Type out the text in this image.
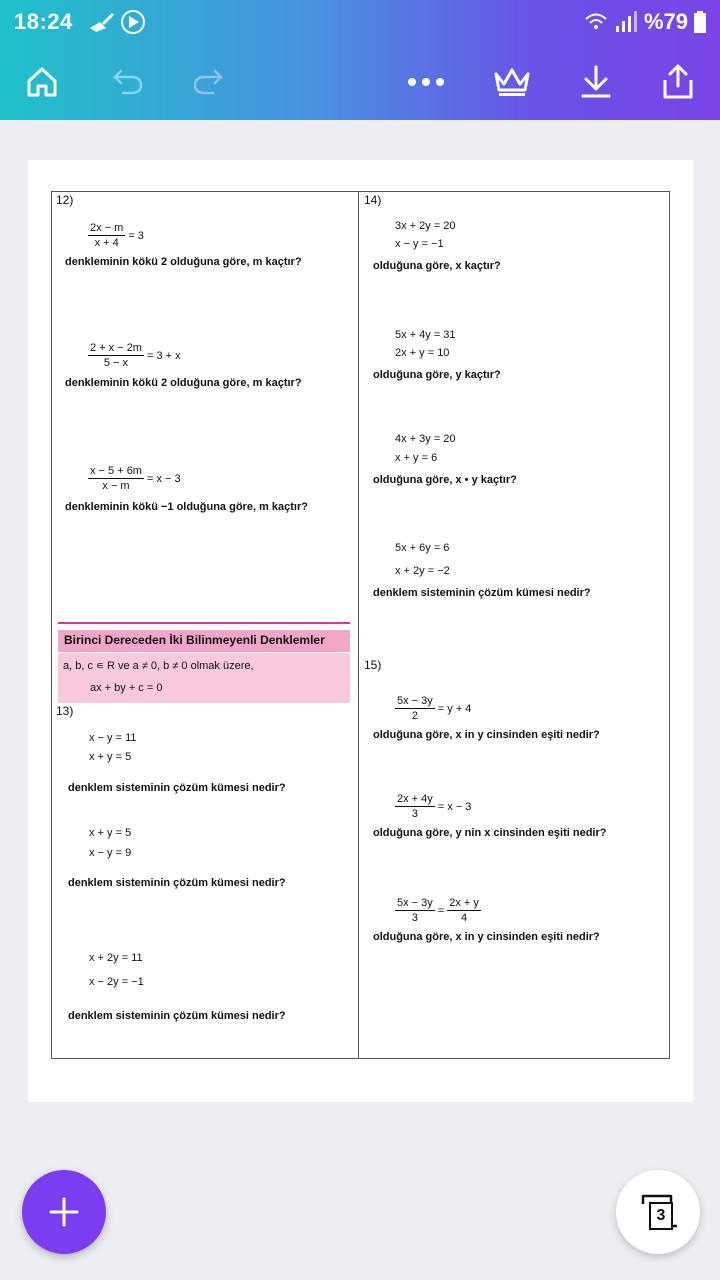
18:24	%79
12)
$\frac{2x - m}{x + 4} = 3$
denkleminin kökü 2 olduğuna göre, m kaçtır?
$\frac{2 + x - 2m}{5 - x} = 3 + x$
denkleminin kökü 2 olduğuna göre, m kaçtır?
$\frac{x - 5 + 6m}{x - m} = x - 3$
denkleminin kökü −1 olduğuna göre, m kaçtır?
Birinci Dereceden İki Bilinmeyenli Denklemler
a, b, c ∊ R ve a ≠ 0, b ≠ 0 olmak üzere,
ax + by + c = 0
13)
x − y = 11
x + y = 5
denklem sisteminin çözüm kümesi nedir?
x + y = 5
x − y = 9
denklem sisteminin çözüm kümesi nedir?
x + 2y = 11
x − 2y = −1
denklem sisteminin çözüm kümesi nedir?
14)
3x + 2y = 20
x − y = −1
olduğuna göre, x kaçtır?
5x + 4y = 31
2x + y = 10
olduğuna göre, y kaçtır?
4x + 3y = 20
x + y = 6
olduğuna göre, x • y kaçtır?
5x + 6y = 6
x + 2y = −2
denklem sisteminin çözüm kümesi nedir?
15)
$\frac{5x - 3y}{2} = y + 4$
olduğuna göre, x in y cinsinden eşiti nedir?
$\frac{2x + 4y}{3} = x - 3$
olduğuna göre, y nin x cinsinden eşiti nedir?
$\frac{5x - 3y}{3} = \frac{2x + y}{4}$
olduğuna göre, x in y cinsinden eşiti nedir?
3
